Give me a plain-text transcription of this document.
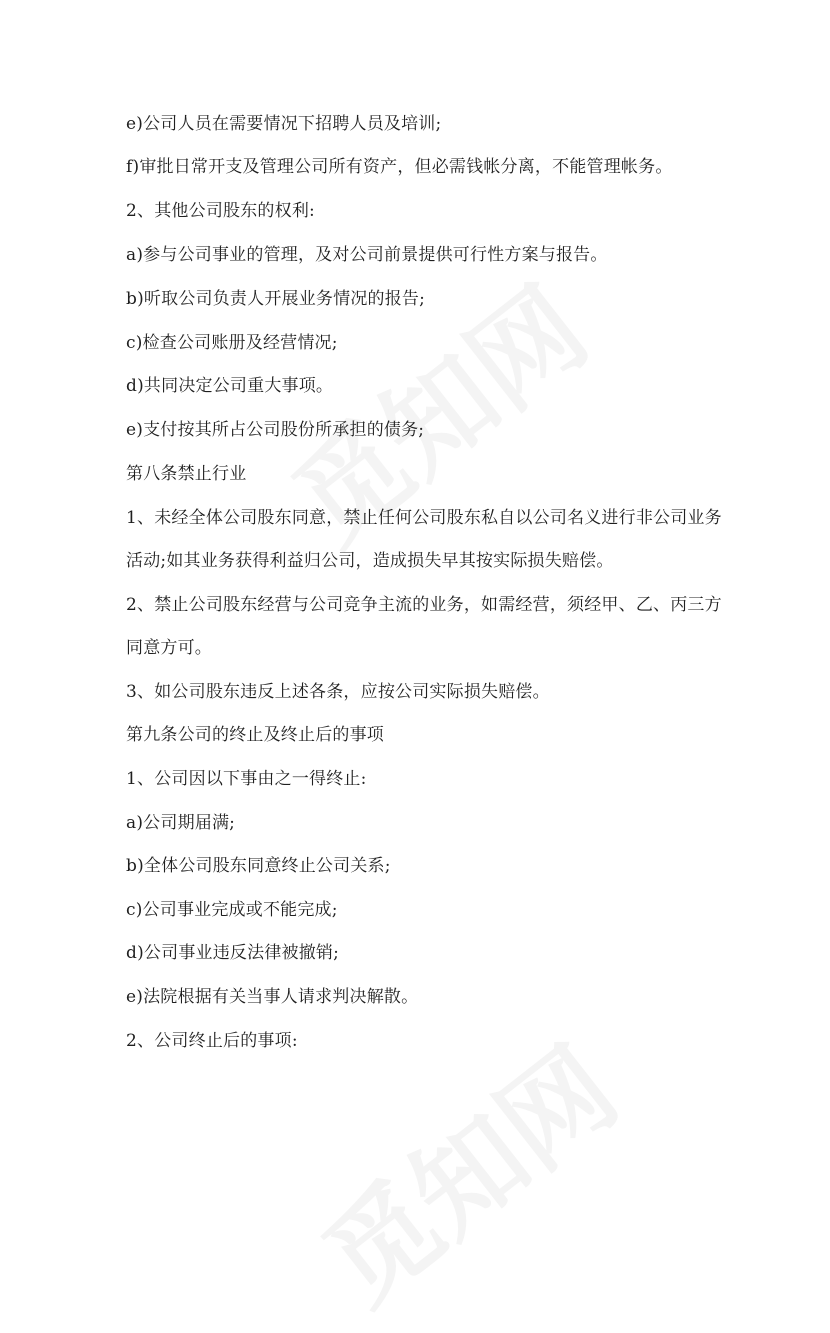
e)公司人员在需要情况下招聘人员及培训;
f)审批日常开支及管理公司所有资产，但必需钱帐分离，不能管理帐务。
2、其他公司股东的权利:
a)参与公司事业的管理，及对公司前景提供可行性方案与报告。
b)听取公司负责人开展业务情况的报告;
c)检查公司账册及经营情况;
d)共同决定公司重大事项。
e)支付按其所占公司股份所承担的债务;
第八条禁止行业
1、未经全体公司股东同意，禁止任何公司股东私自以公司名义进行非公司业务
活动;如其业务获得利益归公司，造成损失早其按实际损失赔偿。
2、禁止公司股东经营与公司竞争主流的业务，如需经营，须经甲、乙、丙三方
同意方可。
3、如公司股东违反上述各条，应按公司实际损失赔偿。
第九条公司的终止及终止后的事项
1、公司因以下事由之一得终止:
a)公司期届满;
b)全体公司股东同意终止公司关系;
c)公司事业完成或不能完成;
d)公司事业违反法律被撤销;
e)法院根据有关当事人请求判决解散。
2、公司终止后的事项:
